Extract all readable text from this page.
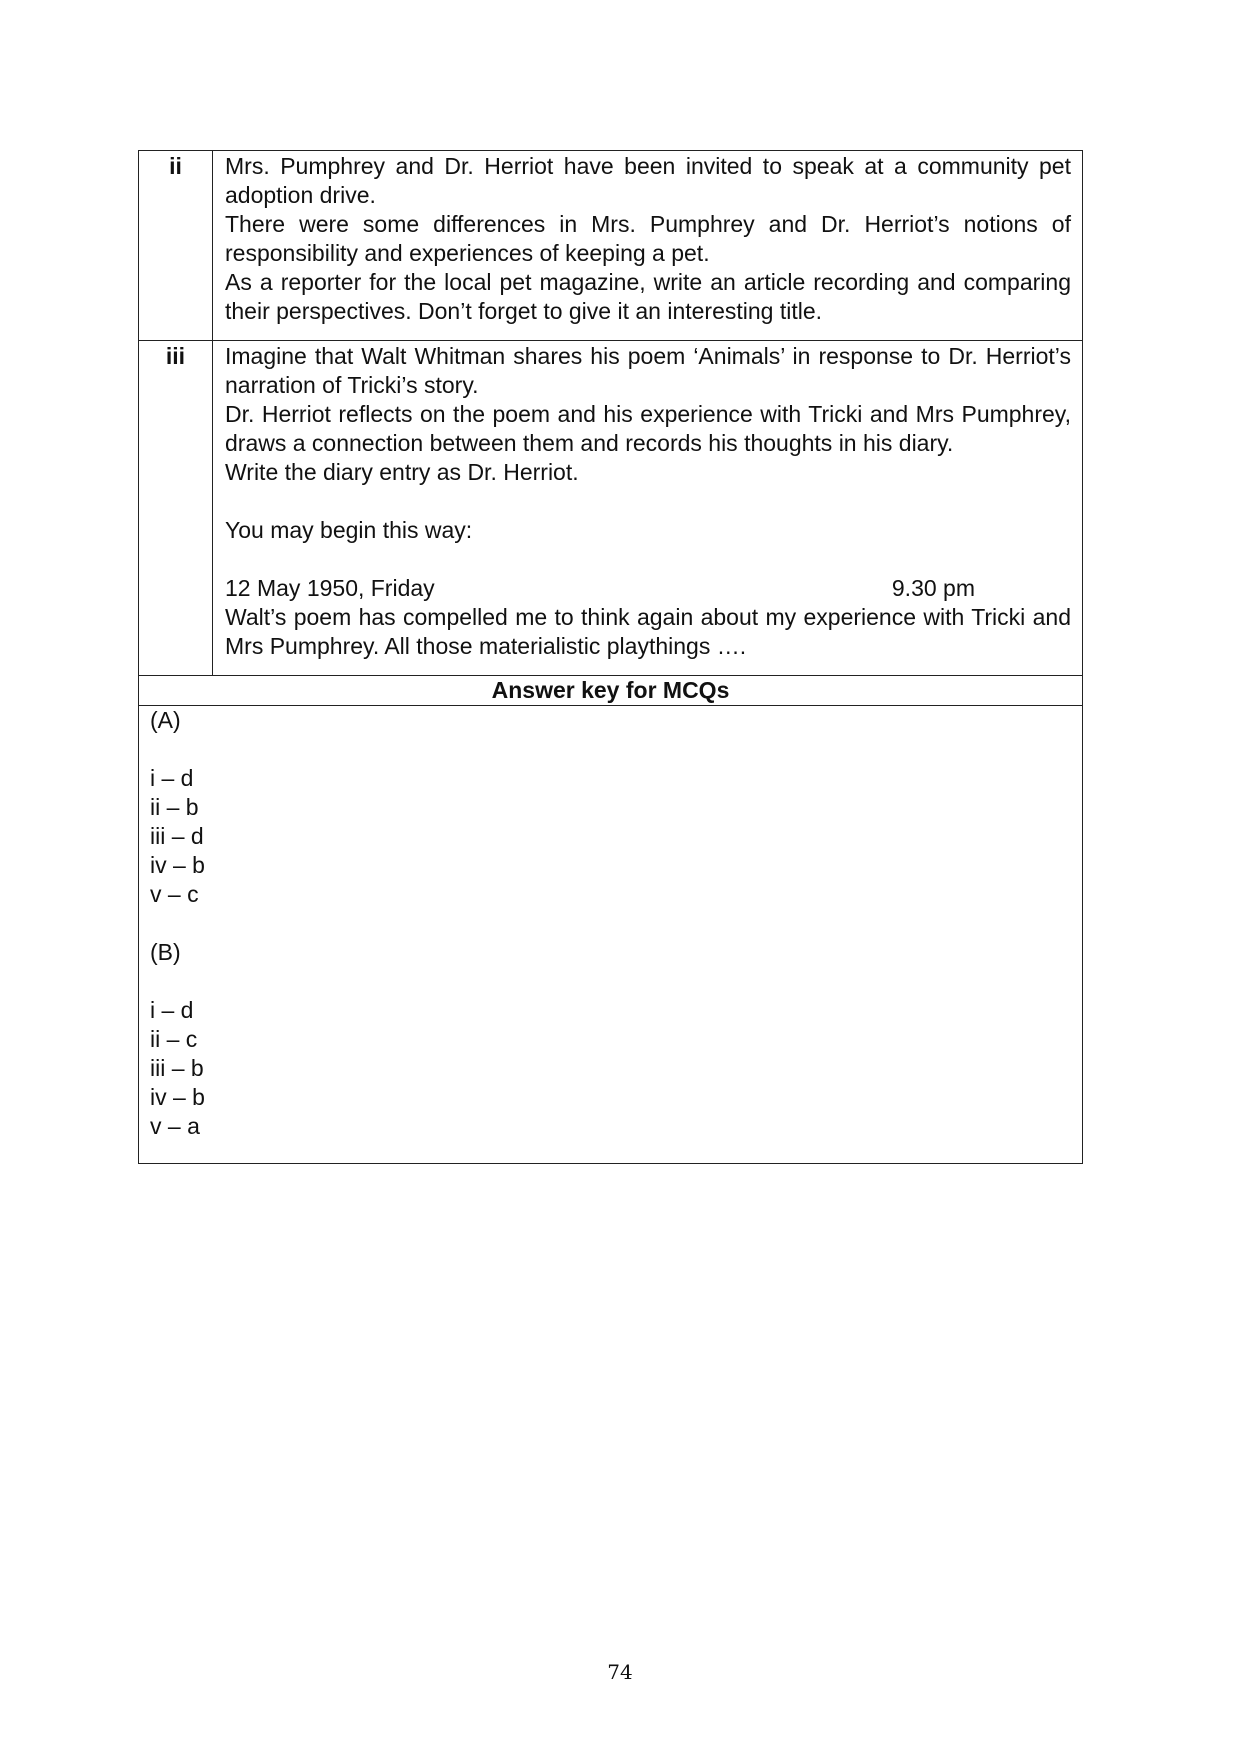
ii	Mrs. Pumphrey and Dr. Herriot have been invited to speak at a community pet adoption drive.

There were some differences in Mrs. Pumphrey and Dr. Herriot’s notions of responsibility and experiences of keeping a pet.

As a reporter for the local pet magazine, write an article recording and comparing their perspectives. Don’t forget to give it an interesting title.

iii	Imagine that Walt Whitman shares his poem ‘Animals’ in response to Dr. Herriot’s narration of Tricki’s story.

Dr. Herriot reflects on the poem and his experience with Tricki and Mrs Pumphrey, draws a connection between them and records his thoughts in his diary.

Write the diary entry as Dr. Herriot.

You may begin this way:

12 May 1950, Friday	9.30 pm

Walt’s poem has compelled me to think again about my experience with Tricki and Mrs Pumphrey. All those materialistic playthings ….

Answer key for MCQs

(A)

i – d

ii – b

iii – d

iv – b

v – c

(B)

i – d

ii – c

iii – b

iv – b

v – a

74
